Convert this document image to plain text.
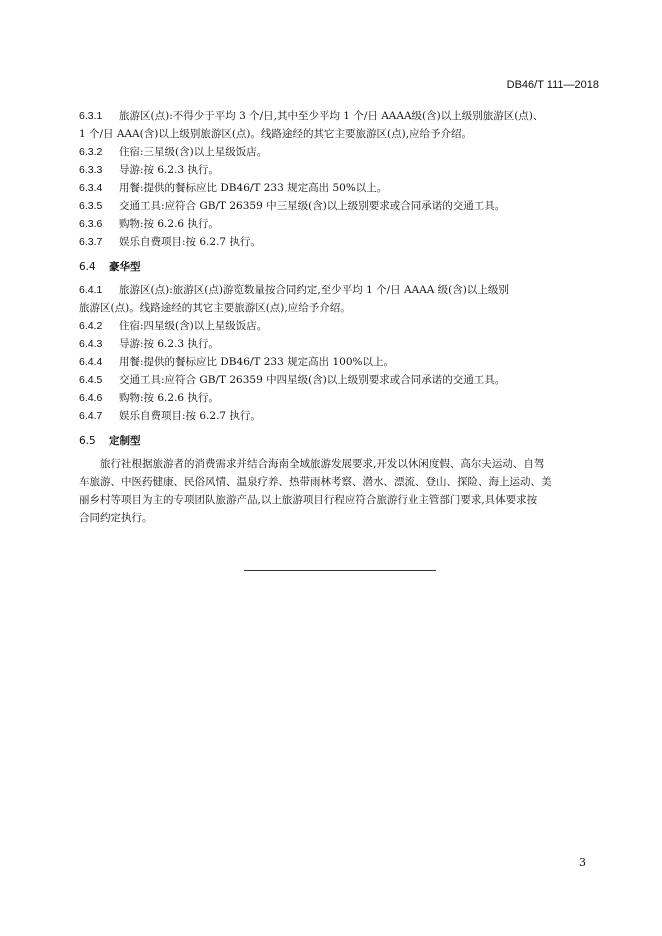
DB46/T 111—2018
6.3.1 旅游区(点):不得少于平均 3 个/日,其中至少平均 1 个/日 AAAA级(含)以上级别旅游区(点)、
1 个/日 AAA(含)以上级别旅游区(点)。线路途经的其它主要旅游区(点),应给予介绍。
6.3.2 住宿:三星级(含)以上星级饭店。
6.3.3 导游:按 6.2.3 执行。
6.3.4 用餐:提供的餐标应比 DB46/T 233 规定高出 50%以上。
6.3.5 交通工具:应符合 GB/T 26359 中三星级(含)以上级别要求或合同承诺的交通工具。
6.3.6 购物:按 6.2.6 执行。
6.3.7 娱乐自费项目:按 6.2.7 执行。
6.4 豪华型
6.4.1 旅游区(点):旅游区(点)游览数量按合同约定,至少平均 1 个/日 AAAA 级(含)以上级别
旅游区(点)。线路途经的其它主要旅游区(点),应给予介绍。
6.4.2 住宿:四星级(含)以上星级饭店。
6.4.3 导游:按 6.2.3 执行。
6.4.4 用餐:提供的餐标应比 DB46/T 233 规定高出 100%以上。
6.4.5 交通工具:应符合 GB/T 26359 中四星级(含)以上级别要求或合同承诺的交通工具。
6.4.6 购物:按 6.2.6 执行。
6.4.7 娱乐自费项目:按 6.2.7 执行。
6.5 定制型
旅行社根据旅游者的消费需求并结合海南全域旅游发展要求,开发以休闲度假、高尔夫运动、自驾
车旅游、中医药健康、民俗风情、温泉疗养、热带雨林考察、潜水、漂流、登山、探险、海上运动、美
丽乡村等项目为主的专项团队旅游产品,以上旅游项目行程应符合旅游行业主管部门要求,具体要求按
合同约定执行。
3
